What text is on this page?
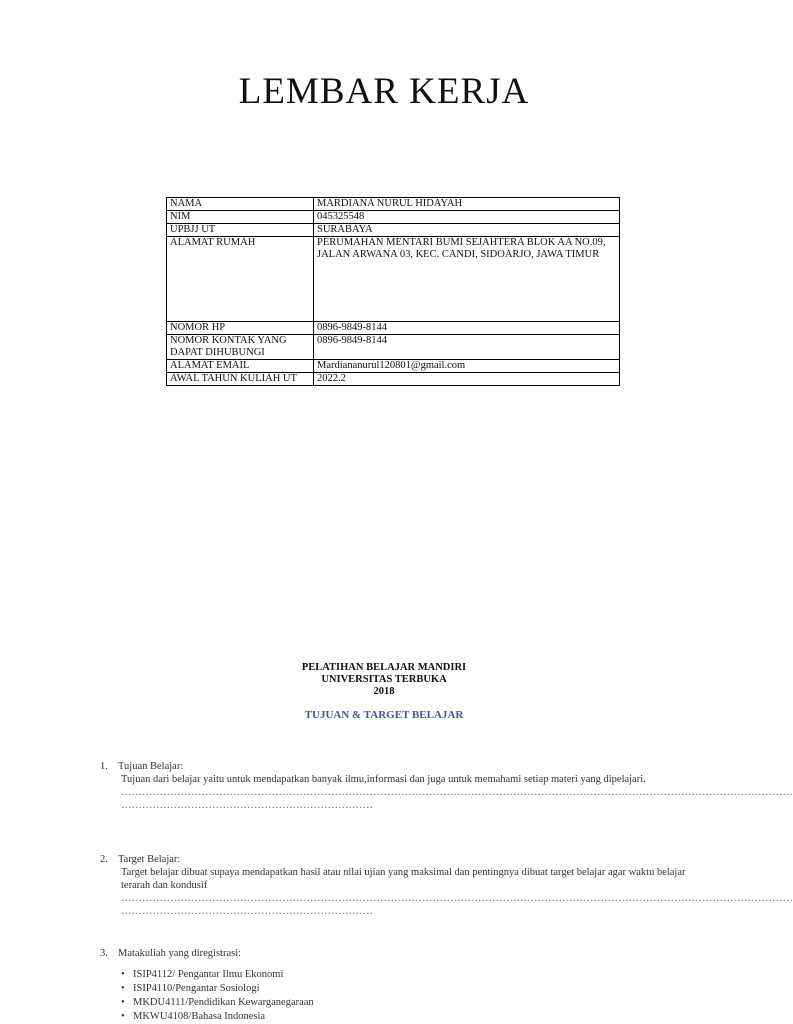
LEMBAR KERJA
NAMA	MARDIANA NURUL HIDAYAH
NIM	045325548
UPBJJ UT	SURABAYA
ALAMAT RUMAH	PERUMAHAN MENTARI BUMI SEJAHTERA BLOK AA NO.09, JALAN ARWANA 03, KEC. CANDI, SIDOARJO, JAWA TIMUR
NOMOR HP	0896-9849-8144
NOMOR KONTAK YANG DAPAT DIHUBUNGI	0896-9849-8144
ALAMAT EMAIL	Mardiananurul120801@gmail.com
AWAL TAHUN KULIAH UT	2022.2
PELATIHAN BELAJAR MANDIRI
UNIVERSITAS TERBUKA
2018
TUJUAN & TARGET BELAJAR
1. Tujuan Belajar:
Tujuan dari belajar yaitu untuk mendapatkan banyak ilmu,informasi dan juga untuk memahami setiap materi yang dipelajari.
…………………………………………………………………………………………………………………………………………………………………………
………………………………………………………………
2. Target Belajar:
Target belajar dibuat supaya mendapatkan hasil atau nilai ujian yang maksimal dan pentingnya dibuat target belajar agar waktu belajar terarah dan kondusif
…………………………………………………………………………………………………………………………………………………………………………
………………………………………………………………
3. Matakuliah yang diregistrasi:
• ISIP4112/ Pengantar Ilmu Ekonomi
• ISIP4110/Pengantar Sosiologi
• MKDU4111/Pendidikan Kewarganegaraan
• MKWU4108/Bahasa Indonesia
